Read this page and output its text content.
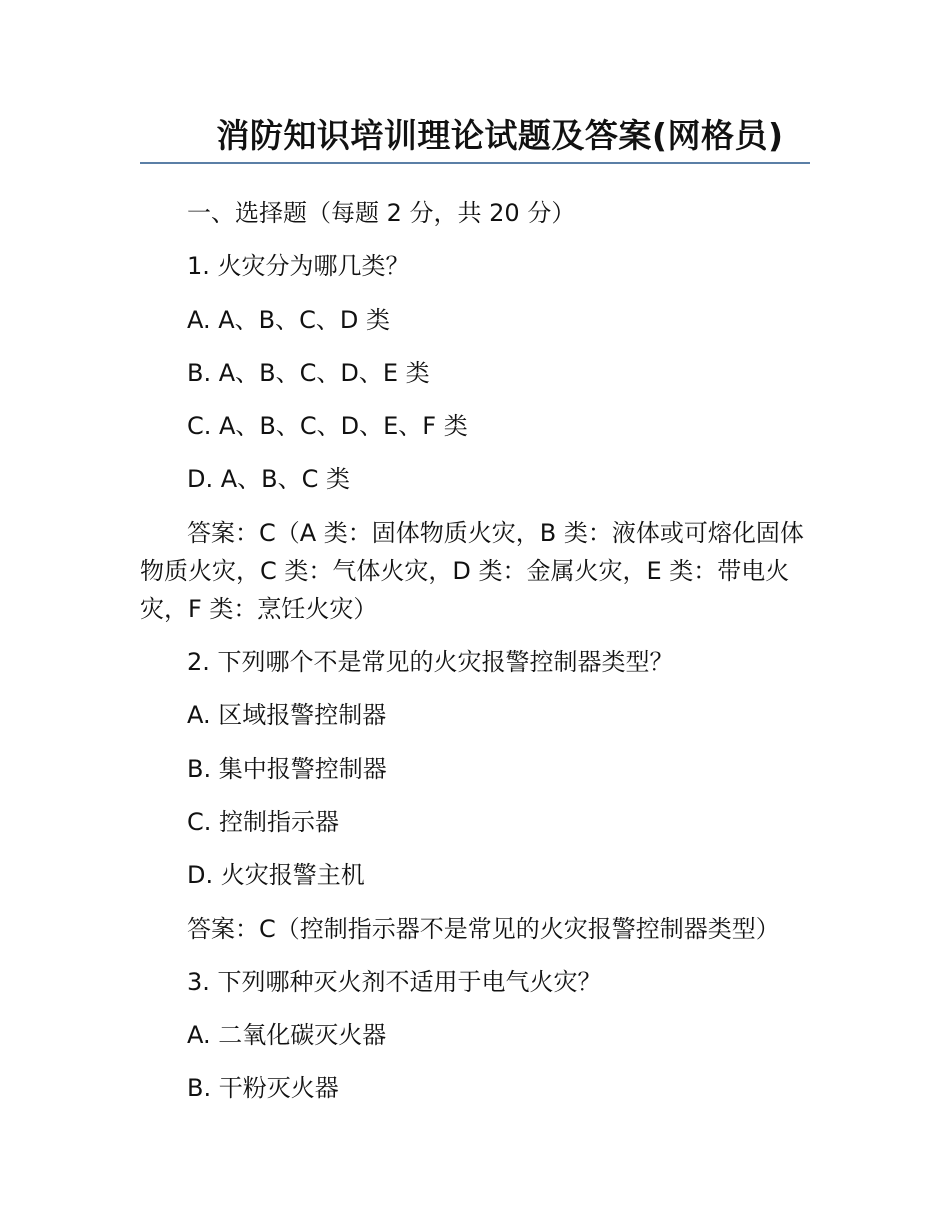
消防知识培训理论试题及答案(网格员)

一、选择题（每题 2 分，共 20 分）

1. 火灾分为哪几类？

A. A、B、C、D 类

B. A、B、C、D、E 类

C. A、B、C、D、E、F 类

D. A、B、C 类

答案：C（A 类：固体物质火灾，B 类：液体或可熔化固体物质火灾，C 类：气体火灾，D 类：金属火灾，E 类：带电火灾，F 类：烹饪火灾）

2. 下列哪个不是常见的火灾报警控制器类型？

A. 区域报警控制器

B. 集中报警控制器

C. 控制指示器

D. 火灾报警主机

答案：C（控制指示器不是常见的火灾报警控制器类型）

3. 下列哪种灭火剂不适用于电气火灾？

A. 二氧化碳灭火器

B. 干粉灭火器
